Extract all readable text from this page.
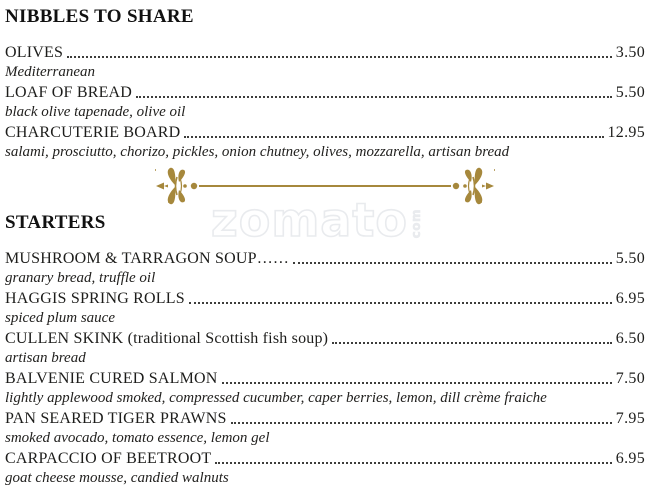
zomato com
NIBBLES TO SHARE
OLIVES	3.50
Mediterranean
LOAF OF BREAD	5.50
black olive tapenade, olive oil
CHARCUTERIE BOARD	12.95
salami, prosciutto, chorizo, pickles, onion chutney, olives, mozzarella, artisan bread
STARTERS
MUSHROOM & TARRAGON SOUP……	5.50
granary bread, truffle oil
HAGGIS SPRING ROLLS	6.95
spiced plum sauce
CULLEN SKINK (traditional Scottish fish soup)	6.50
artisan bread
BALVENIE CURED SALMON	7.50
lightly applewood smoked, compressed cucumber, caper berries, lemon, dill crème fraiche
PAN SEARED TIGER PRAWNS	7.95
smoked avocado, tomato essence, lemon gel
CARPACCIO OF BEETROOT	6.95
goat cheese mousse, candied walnuts
